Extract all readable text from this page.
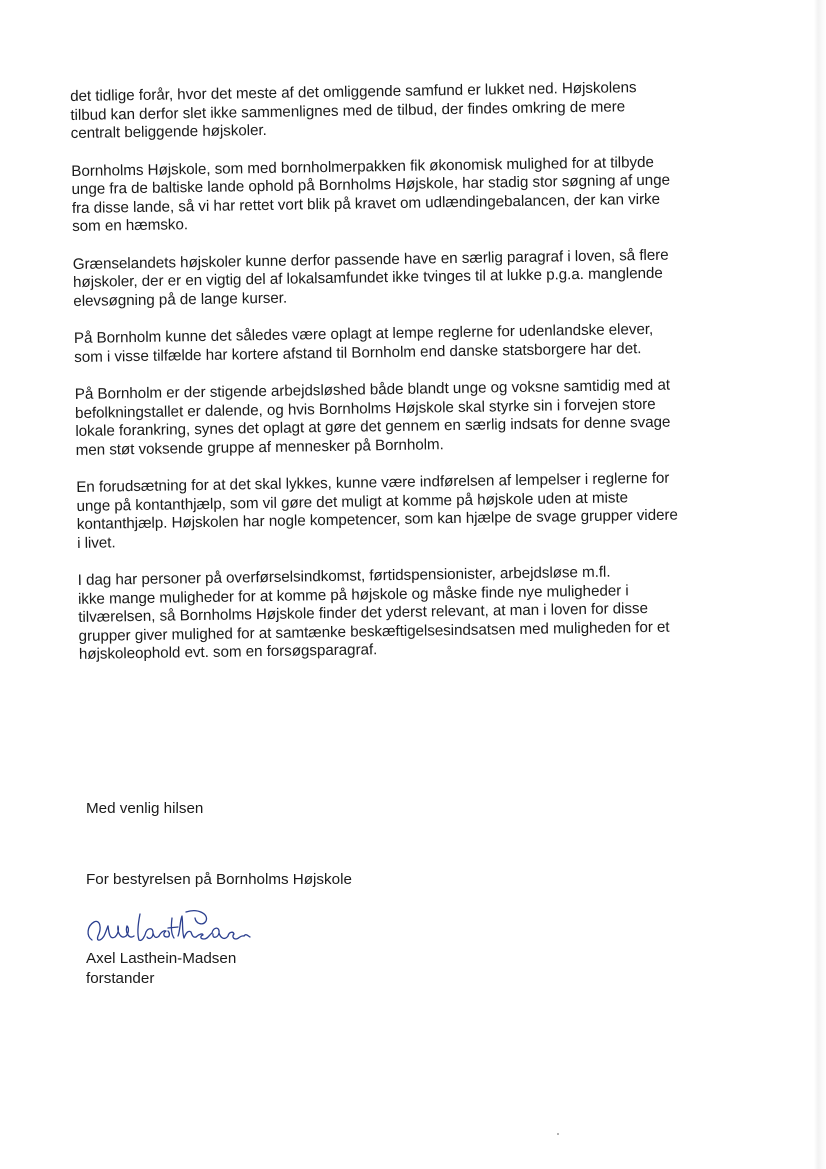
det tidlige forår, hvor det meste af det omliggende samfund er lukket ned. Højskolens
tilbud kan derfor slet ikke sammenlignes med de tilbud, der findes omkring de mere
centralt beliggende højskoler.

Bornholms Højskole, som med bornholmerpakken fik økonomisk mulighed for at tilbyde
unge fra de baltiske lande ophold på Bornholms Højskole, har stadig stor søgning af unge
fra disse lande, så vi har rettet vort blik på kravet om udlændingebalancen, der kan virke
som en hæmsko.

Grænselandets højskoler kunne derfor passende have en særlig paragraf i loven, så flere
højskoler, der er en vigtig del af lokalsamfundet ikke tvinges til at lukke p.g.a. manglende
elevsøgning på de lange kurser.

På Bornholm kunne det således være oplagt at lempe reglerne for udenlandske elever,
som i visse tilfælde har kortere afstand til Bornholm end danske statsborgere har det.

På Bornholm er der stigende arbejdsløshed både blandt unge og voksne samtidig med at
befolkningstallet er dalende, og hvis Bornholms Højskole skal styrke sin i forvejen store
lokale forankring, synes det oplagt at gøre det gennem en særlig indsats for denne svage
men støt voksende gruppe af mennesker på Bornholm.

En forudsætning for at det skal lykkes, kunne være indførelsen af lempelser i reglerne for
unge på kontanthjælp, som vil gøre det muligt at komme på højskole uden at miste
kontanthjælp. Højskolen har nogle kompetencer, som kan hjælpe de svage grupper videre
i livet.

I dag har personer på overførselsindkomst, førtidspensionister, arbejdsløse m.fl.
ikke mange muligheder for at komme på højskole og måske finde nye muligheder i
tilværelsen, så Bornholms Højskole finder det yderst relevant, at man i loven for disse
grupper giver mulighed for at samtænke beskæftigelsesindsatsen med muligheden for et
højskoleophold evt. som en forsøgsparagraf.

Med venlig hilsen

For bestyrelsen på Bornholms Højskole

Axel Lasthein-Madsen

forstander
